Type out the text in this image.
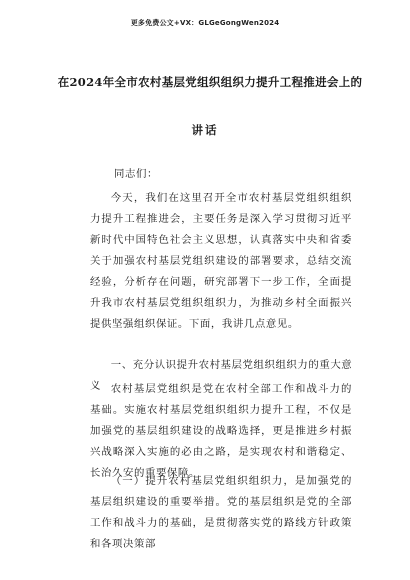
更多免费公文+VX：GLGeGongWen2024
在2024年全市农村基层党组织组织力提升工程推进会上的
讲话

同志们：

今天，我们在这里召开全市农村基层党组织组织力提升工程推进会，主要任务是深入学习贯彻习近平新时代中国特色社会主义思想，认真落实中央和省委关于加强农村基层党组织建设的部署要求，总结交流经验，分析存在问题，研究部署下一步工作，全面提升我市农村基层党组织组织力，为推动乡村全面振兴提供坚强组织保证。下面，我讲几点意见。

一、充分认识提升农村基层党组织组织力的重大意义 农村基层党组织是党在农村全部工作和战斗力的基础。实施农村基层党组织组织力提升工程，不仅是加强党的基层组织建设的战略选择，更是推进乡村振兴战略深入实施的必由之路，是实现农村和谐稳定、长治久安的重要保障。

（一）提升农村基层党组织组织力，是加强党的基层组织建设的重要举措。党的基层组织是党的全部工作和战斗力的基础，是贯彻落实党的路线方针政策和各项决策部
